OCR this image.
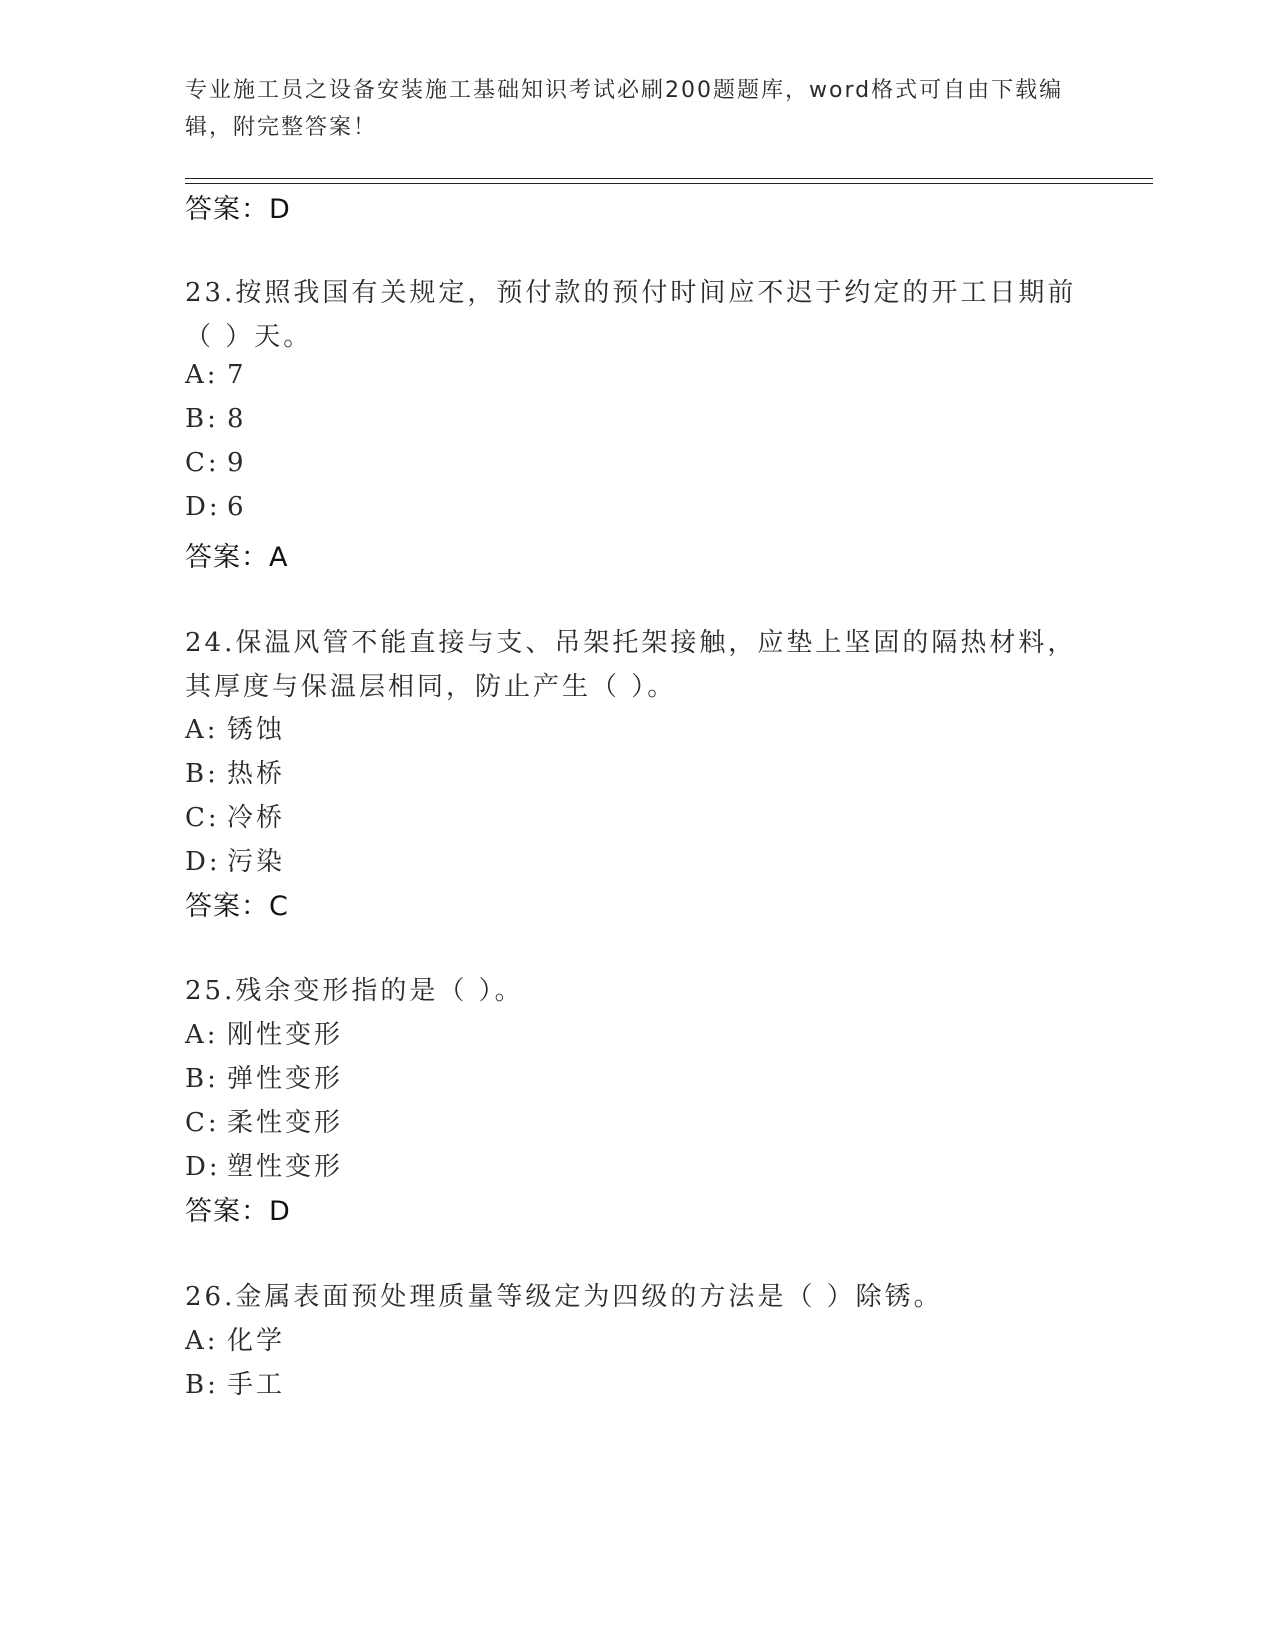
专业施工员之设备安装施工基础知识考试必刷200题题库，word格式可自由下载编辑，附完整答案！
答案：D
23.按照我国有关规定，预付款的预付时间应不迟于约定的开工日期前
（ ）天。
A: 7
B: 8
C: 9
D: 6
答案：A
24.保温风管不能直接与支、吊架托架接触，应垫上坚固的隔热材料，
其厚度与保温层相同，防止产生（ ）。
A: 锈蚀
B: 热桥
C: 冷桥
D: 污染
答案：C
25.残余变形指的是（ ）。
A: 刚性变形
B: 弹性变形
C: 柔性变形
D: 塑性变形
答案：D
26.金属表面预处理质量等级定为四级的方法是（ ）除锈。
A: 化学
B: 手工
